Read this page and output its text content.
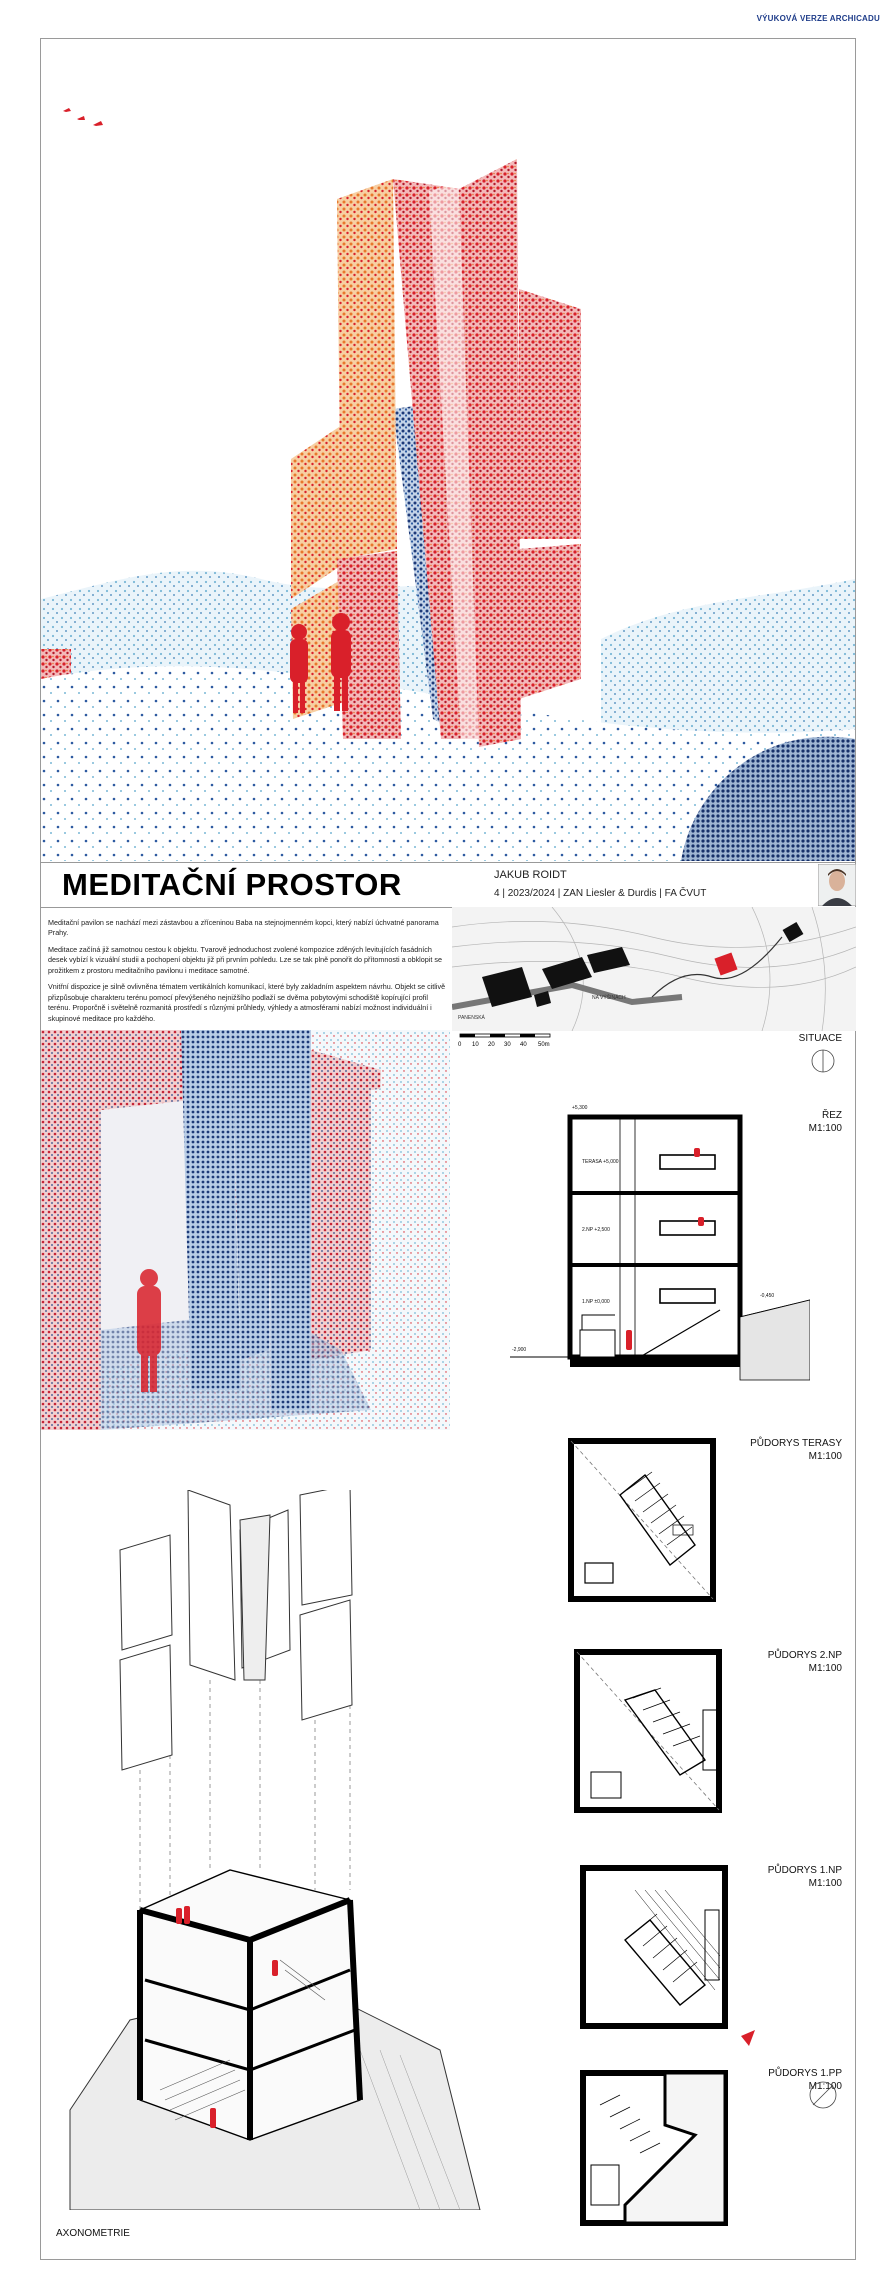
VÝUKOVÁ VERZE ARCHICADU
MEDITAČNÍ PROSTOR	JAKUB ROIDT
4 | 2023/2024 | ZAN Liesler & Durdis | FA ČVUT

Meditační pavilon se nachází mezi zástavbou a zříceninou Baba na stejnojmenném kopci, který nabízí úchvatné panorama Prahy.

Meditace začíná již samotnou cestou k objektu. Tvarově jednoduchost zvolené kompozice zděných levitujících fasádních desek vybízí k vizuální studii a pochopení objektu již při prvním pohledu. Lze se tak plně ponořit do přítomnosti a obklopit se prožitkem z prostoru meditačního pavilonu i meditace samotné.

Vnitřní dispozice je silně ovlivněna tématem vertikálních komunikací, které byly zakladním aspektem návrhu. Objekt se citlivě přizpůsobuje charakteru terénu pomocí převýšeného nejnižšího podlaží se dvěma pobytovými schodiště kopírující profil terénu. Proporčně i světelně rozmanitá prostředí s různými průhledy, výhledy a atmosférami nabízí možnost individuální i skupinové meditace pro každého.	PANENSKÁ
NA VÝŠINÁCH
0 10 20 30 40 50m
SITUACE
ŘEZ
M1:100
+5,300
TERASA +5,000
2.NP +2,500
1.NP ±0,000
-0,450
-2,900
PŮDORYS TERASY
M1:100
PŮDORYS 2.NP
M1:100
PŮDORYS 1.NP
M1:100
PŮDORYS 1.PP
M1:100
AXONOMETRIE
